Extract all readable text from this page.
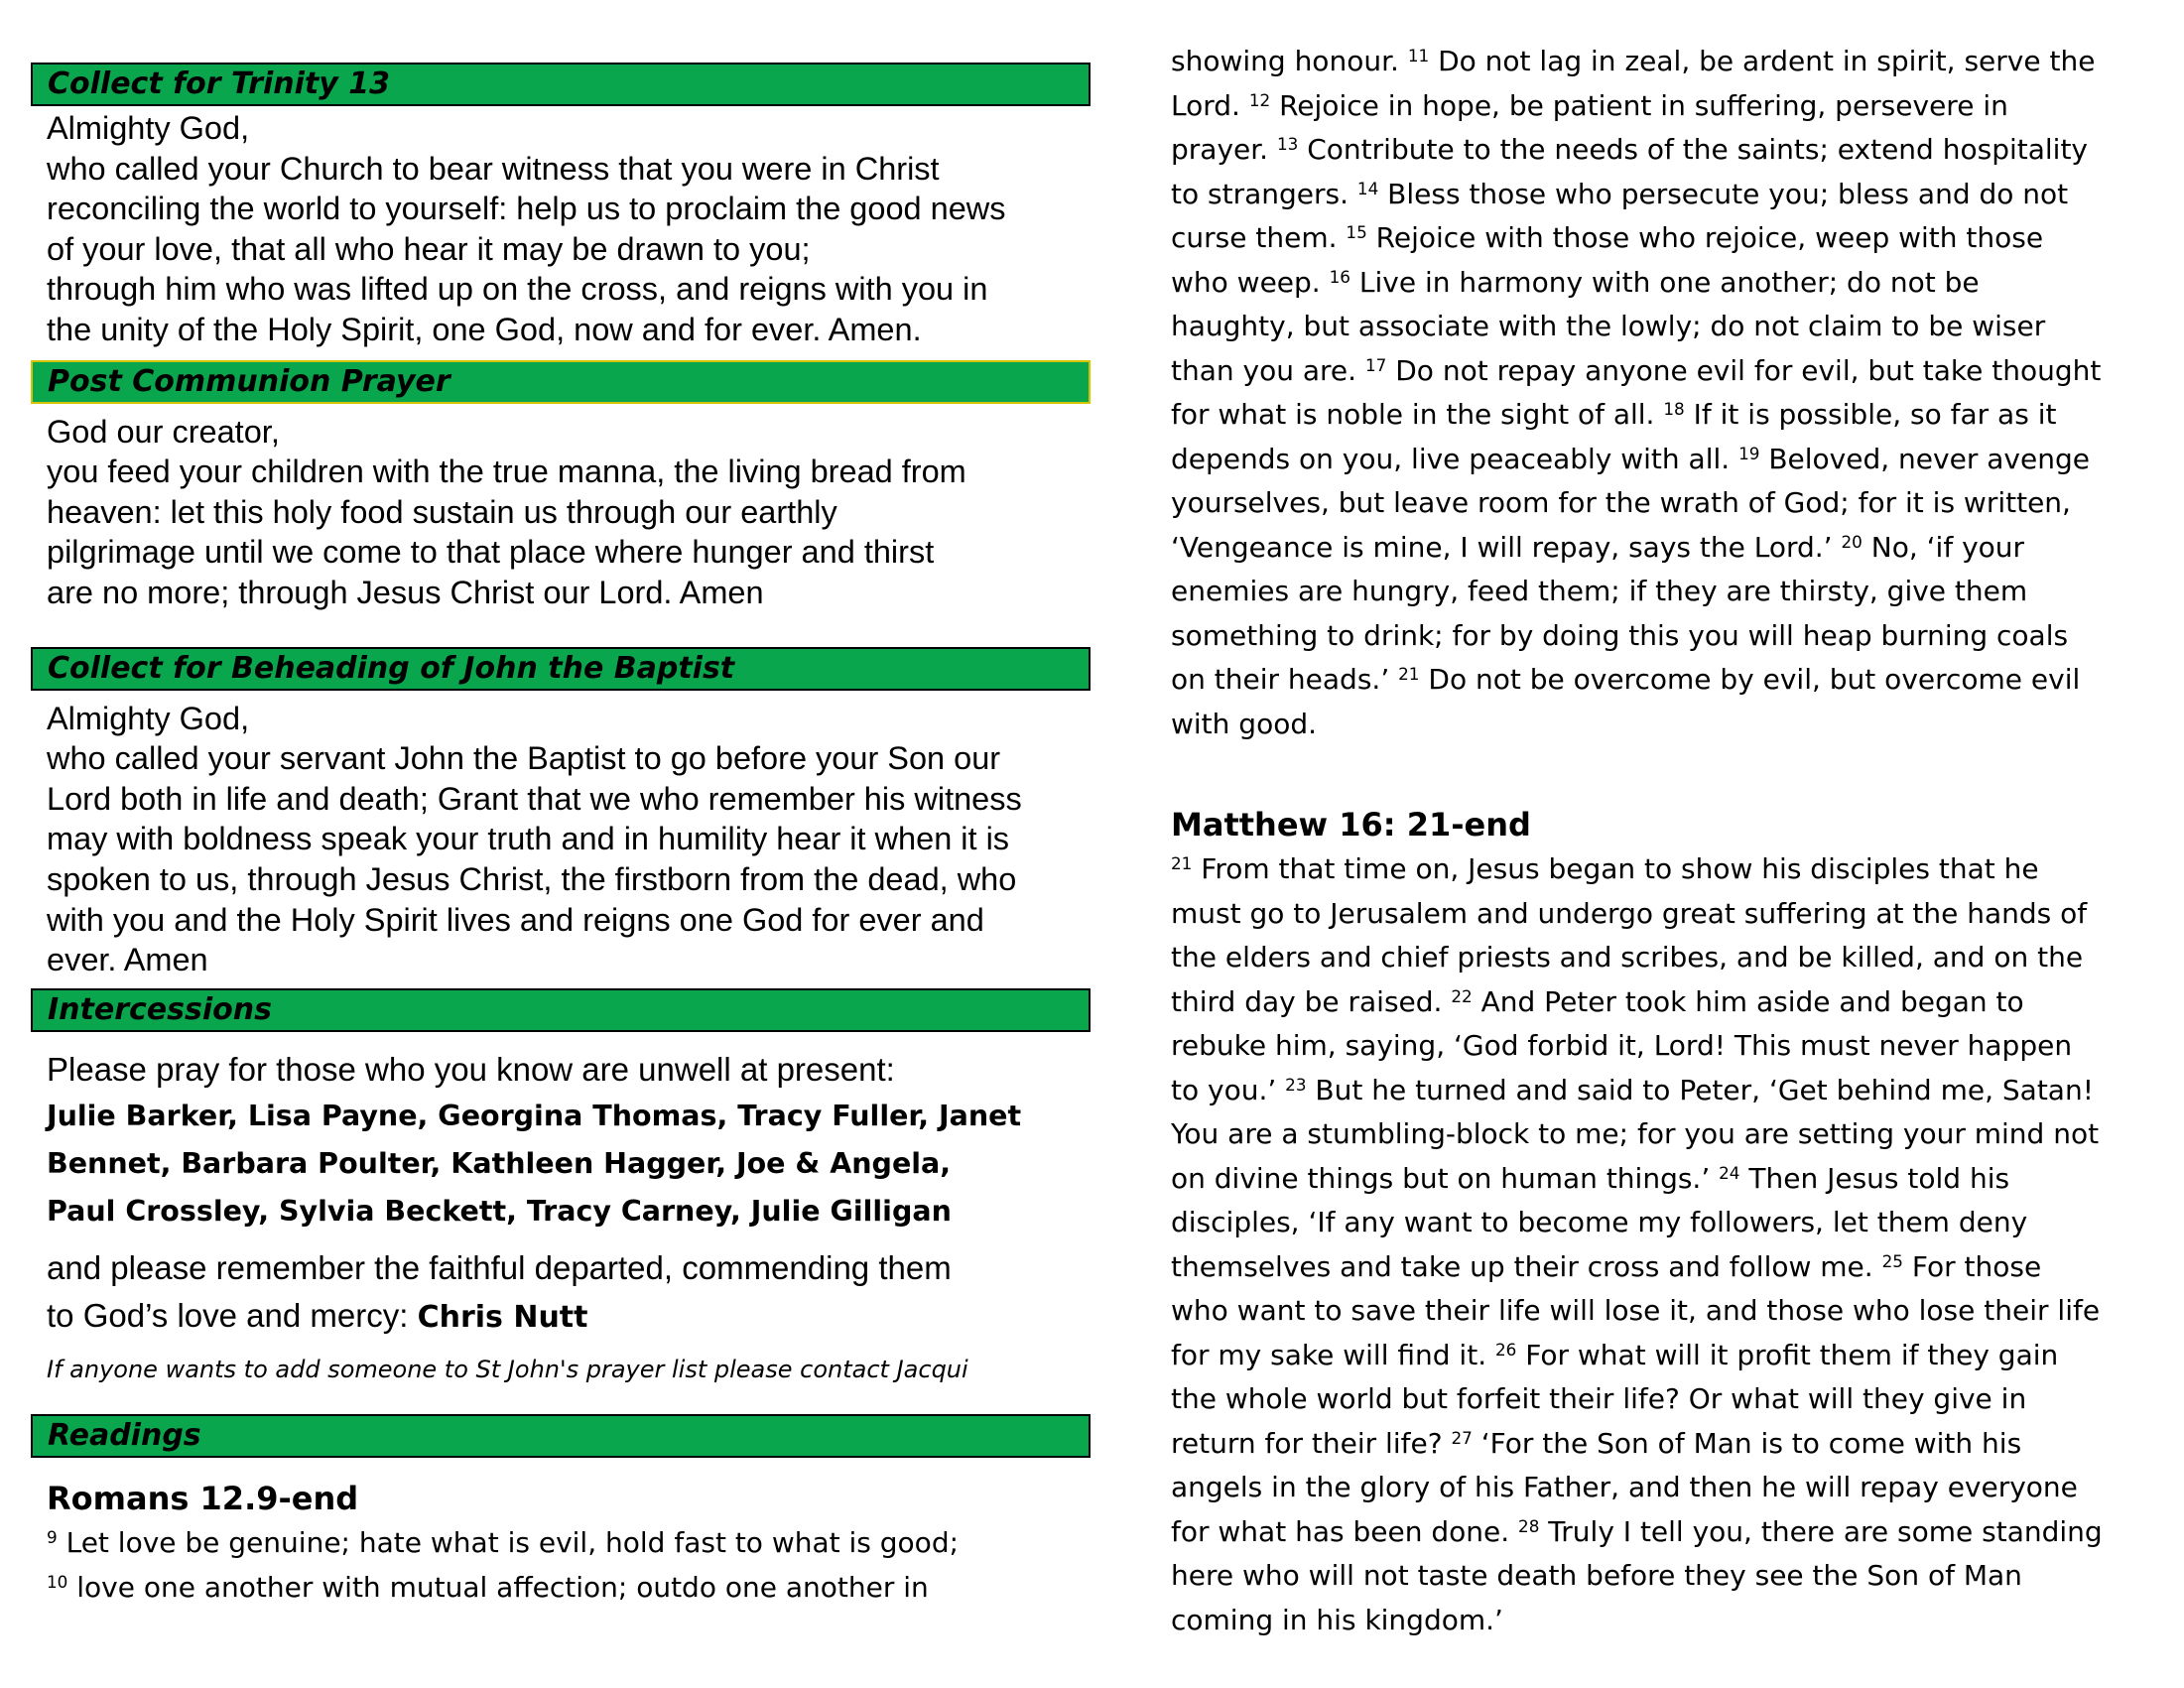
Collect for Trinity 13
Almighty God,
who called your Church to bear witness that you were in Christ
reconciling the world to yourself: help us to proclaim the good news
of your love, that all who hear it may be drawn to you;
through him who was lifted up on the cross, and reigns with you in
the unity of the Holy Spirit, one God, now and for ever. Amen.
Post Communion Prayer
God our creator,
you feed your children with the true manna, the living bread from
heaven: let this holy food sustain us through our earthly
pilgrimage until we come to that place where hunger and thirst
are no more; through Jesus Christ our Lord. Amen
Collect for Beheading of John the Baptist
Almighty God,
who called your servant John the Baptist to go before your Son our
Lord both in life and death; Grant that we who remember his witness
may with boldness speak your truth and in humility hear it when it is
spoken to us, through Jesus Christ, the firstborn from the dead, who
with you and the Holy Spirit lives and reigns one God for ever and
ever. Amen
Intercessions
Please pray for those who you know are unwell at present:
Julie Barker, Lisa Payne, Georgina Thomas, Tracy Fuller, Janet
Bennet, Barbara Poulter, Kathleen Hagger, Joe & Angela,
Paul Crossley, Sylvia Beckett, Tracy Carney, Julie Gilligan
and please remember the faithful departed, commending them
to God’s love and mercy: Chris Nutt
If anyone wants to add someone to St John's prayer list please contact Jacqui
Readings
Romans 12.9-end
$^9$ Let love be genuine; hate what is evil, hold fast to what is good;
$^{10}$ love one another with mutual affection; outdo one another in
showing honour. $^{11}$ Do not lag in zeal, be ardent in spirit, serve the
Lord. $^{12}$ Rejoice in hope, be patient in suffering, persevere in
prayer. $^{13}$ Contribute to the needs of the saints; extend hospitality
to strangers. $^{14}$ Bless those who persecute you; bless and do not
curse them. $^{15}$ Rejoice with those who rejoice, weep with those
who weep. $^{16}$ Live in harmony with one another; do not be
haughty, but associate with the lowly; do not claim to be wiser
than you are. $^{17}$ Do not repay anyone evil for evil, but take thought
for what is noble in the sight of all. $^{18}$ If it is possible, so far as it
depends on you, live peaceably with all. $^{19}$ Beloved, never avenge
yourselves, but leave room for the wrath of God; for it is written,
‘Vengeance is mine, I will repay, says the Lord.’ $^{20}$ No, ‘if your
enemies are hungry, feed them; if they are thirsty, give them
something to drink; for by doing this you will heap burning coals
on their heads.’ $^{21}$ Do not be overcome by evil, but overcome evil
with good.
Matthew 16: 21-end
$^{21}$ From that time on, Jesus began to show his disciples that he
must go to Jerusalem and undergo great suffering at the hands of
the elders and chief priests and scribes, and be killed, and on the
third day be raised. $^{22}$ And Peter took him aside and began to
rebuke him, saying, ‘God forbid it, Lord! This must never happen
to you.’ $^{23}$ But he turned and said to Peter, ‘Get behind me, Satan!
You are a stumbling-block to me; for you are setting your mind not
on divine things but on human things.’ $^{24}$ Then Jesus told his
disciples, ‘If any want to become my followers, let them deny
themselves and take up their cross and follow me. $^{25}$ For those
who want to save their life will lose it, and those who lose their life
for my sake will find it. $^{26}$ For what will it profit them if they gain
the whole world but forfeit their life? Or what will they give in
return for their life? $^{27}$ ‘For the Son of Man is to come with his
angels in the glory of his Father, and then he will repay everyone
for what has been done. $^{28}$ Truly I tell you, there are some standing
here who will not taste death before they see the Son of Man
coming in his kingdom.’
